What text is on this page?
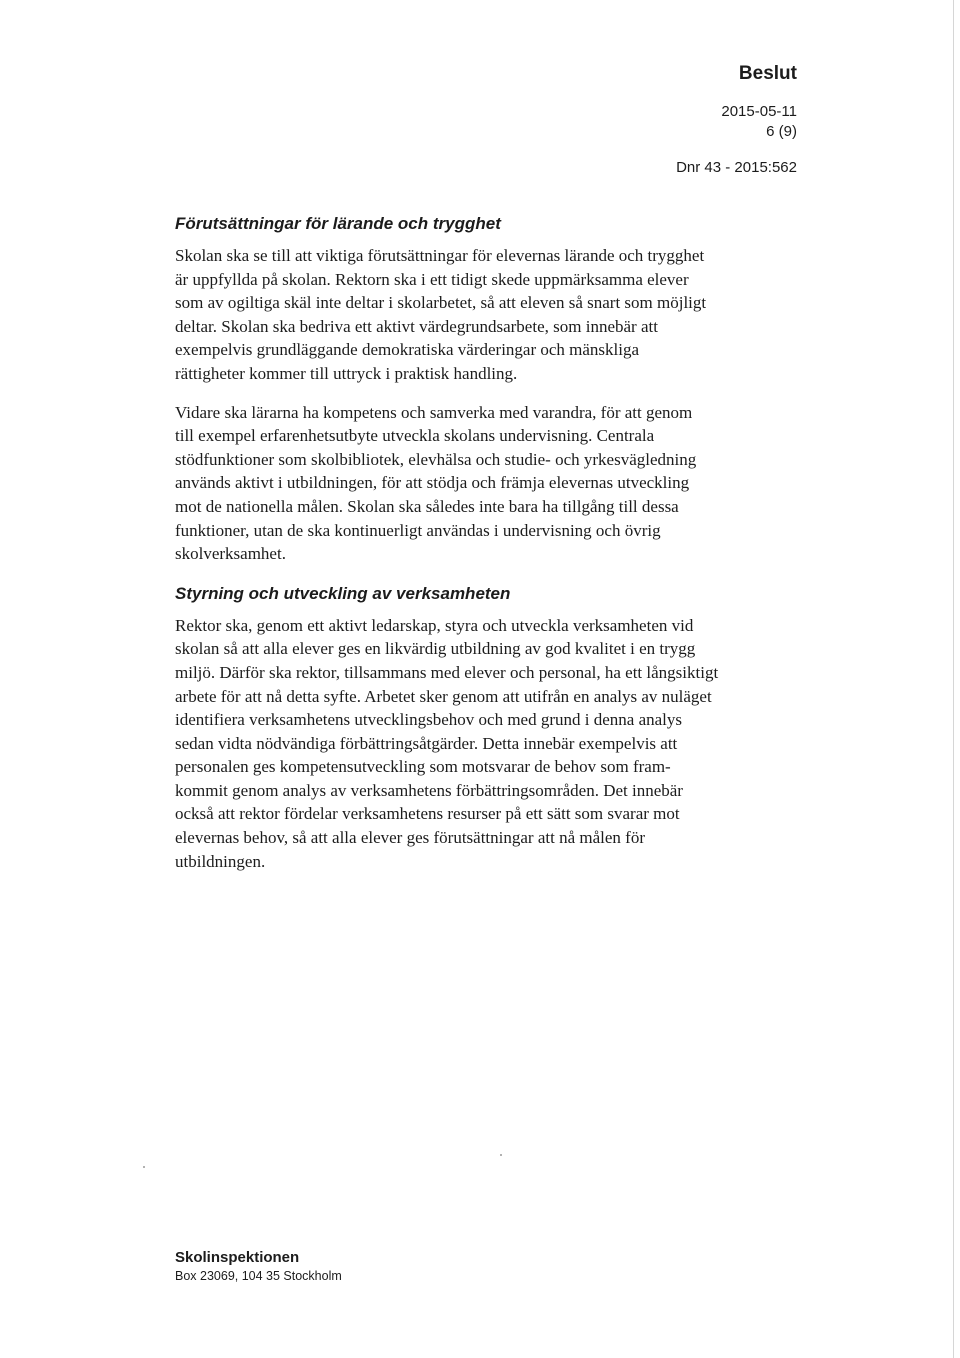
Beslut
2015-05-11
6 (9)
Dnr 43 - 2015:562
Förutsättningar för lärande och trygghet

Skolan ska se till att viktiga förutsättningar för elevernas lärande och trygghet
är uppfyllda på skolan. Rektorn ska i ett tidigt skede uppmärksamma elever
som av ogiltiga skäl inte deltar i skolarbetet, så att eleven så snart som möjligt
deltar. Skolan ska bedriva ett aktivt värdegrundsarbete, som innebär att
exempelvis grundläggande demokratiska värderingar och mänskliga
rättigheter kommer till uttryck i praktisk handling.

Vidare ska lärarna ha kompetens och samverka med varandra, för att genom
till exempel erfarenhetsutbyte utveckla skolans undervisning. Centrala
stödfunktioner som skolbibliotek, elevhälsa och studie- och yrkesvägledning
används aktivt i utbildningen, för att stödja och främja elevernas utveckling
mot de nationella målen. Skolan ska således inte bara ha tillgång till dessa
funktioner, utan de ska kontinuerligt användas i undervisning och övrig
skolverksamhet.

Styrning och utveckling av verksamheten

Rektor ska, genom ett aktivt ledarskap, styra och utveckla verksamheten vid
skolan så att alla elever ges en likvärdig utbildning av god kvalitet i en trygg
miljö. Därför ska rektor, tillsammans med elever och personal, ha ett långsiktigt
arbete för att nå detta syfte. Arbetet sker genom att utifrån en analys av nuläget
identifiera verksamhetens utvecklingsbehov och med grund i denna analys
sedan vidta nödvändiga förbättringsåtgärder. Detta innebär exempelvis att
personalen ges kompetensutveckling som motsvarar de behov som fram-
kommit genom analys av verksamhetens förbättringsområden. Det innebär
också att rektor fördelar verksamhetens resurser på ett sätt som svarar mot
elevernas behov, så att alla elever ges förutsättningar att nå målen för
utbildningen.

Skolinspektionen
Box 23069, 104 35 Stockholm
